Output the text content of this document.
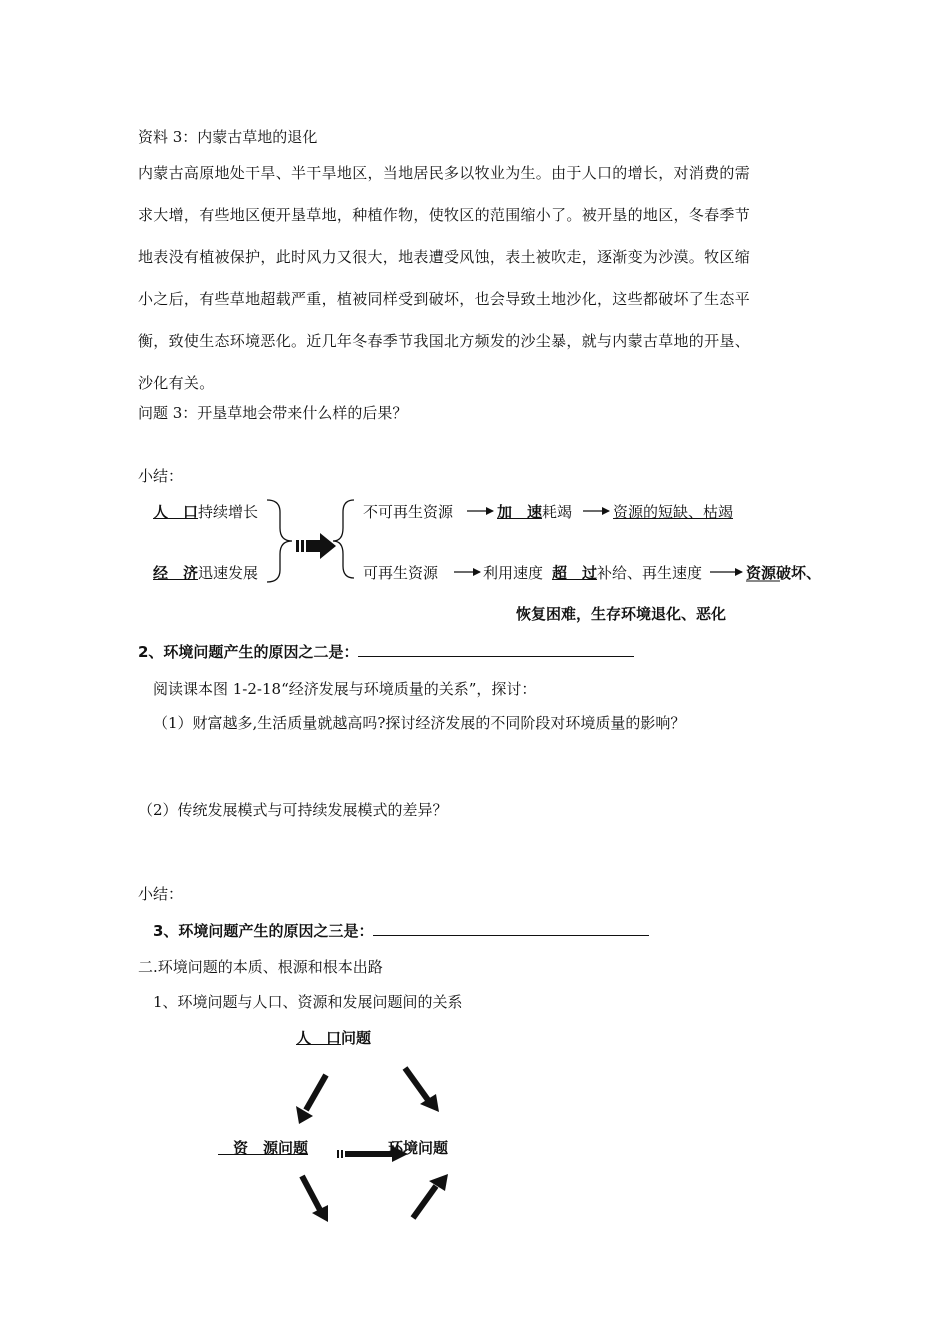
资料 3：内蒙古草地的退化
内蒙古高原地处干旱、半干旱地区，当地居民多以牧业为生。由于人口的增长，对消费的需
求大增，有些地区便开垦草地，种植作物，使牧区的范围缩小了。被开垦的地区，冬春季节
地表没有植被保护，此时风力又很大，地表遭受风蚀，表土被吹走，逐渐变为沙漠。牧区缩
小之后，有些草地超载严重，植被同样受到破坏，也会导致土地沙化，这些都破坏了生态平
衡，致使生态环境恶化。近几年冬春季节我国北方频发的沙尘暴，就与内蒙古草地的开垦、
沙化有关。
问题 3：开垦草地会带来什么样的后果？
小结：
人　口持续增长
经　济迅速发展
不可再生资源	加　速耗竭	资源的短缺、枯竭
可再生资源	利用速度 超　过补给、再生速度	资源破坏、
恢复困难，生存环境退化、恶化
2、环境问题产生的原因之二是：
阅读课本图 1-2-18“经济发展与环境质量的关系”，探讨：
（1）财富越多,生活质量就越高吗?探讨经济发展的不同阶段对环境质量的影响？
（2）传统发展模式与可持续发展模式的差异？
小结：
3、环境问题产生的原因之三是：
二.环境问题的本质、根源和根本出路
1、环境问题与人口、资源和发展问题间的关系
人　口问题
　资　源问题	环境问题
